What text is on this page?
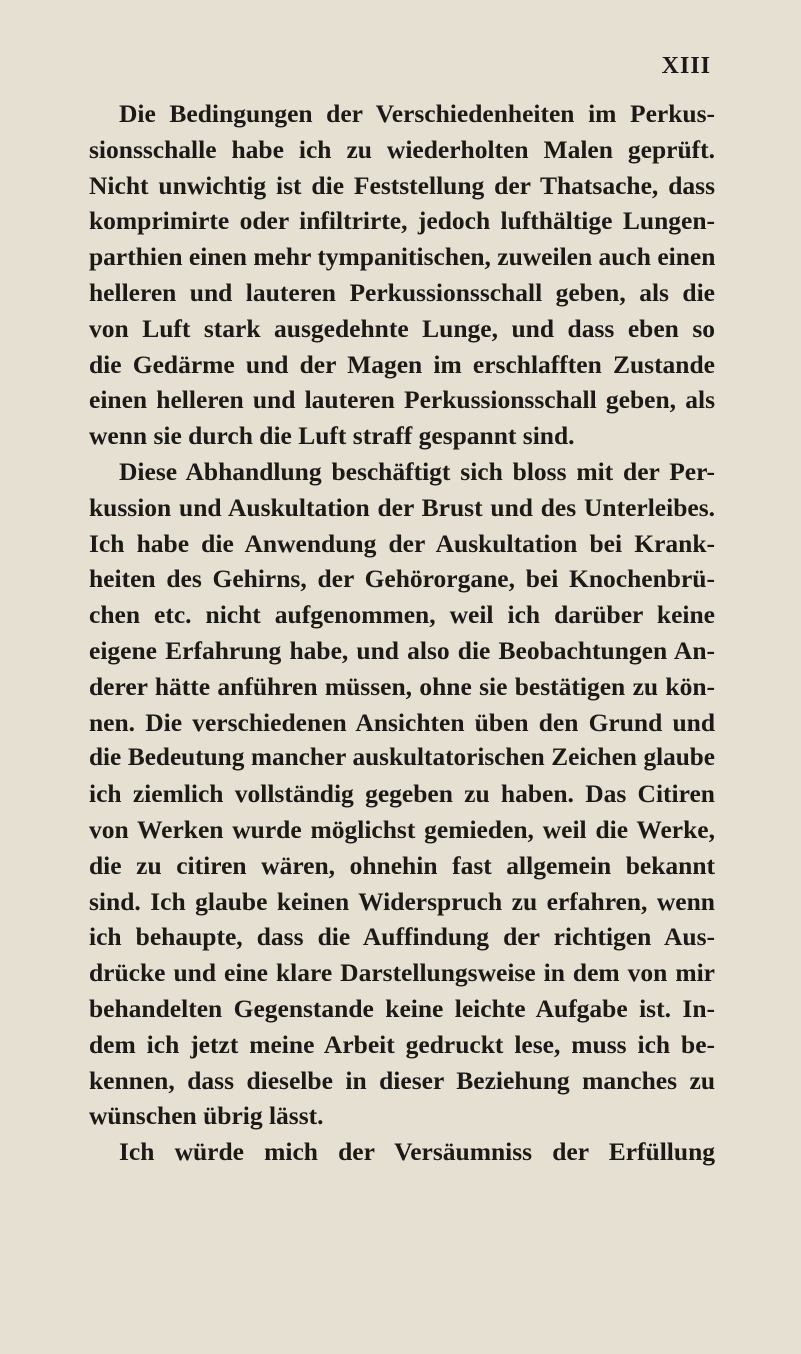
XIII
Die Bedingungen der Verschiedenheiten im Perkus-
sionsschalle habe ich zu wiederholten Malen geprüft.
Nicht unwichtig ist die Feststellung der Thatsache, dass
komprimirte oder infiltrirte, jedoch lufthältige Lungen-
parthien einen mehr tympanitischen, zuweilen auch einen
helleren und lauteren Perkussionsschall geben, als die
von Luft stark ausgedehnte Lunge, und dass eben so
die Gedärme und der Magen im erschlafften Zustande
einen helleren und lauteren Perkussionsschall geben, als
wenn sie durch die Luft straff gespannt sind.
Diese Abhandlung beschäftigt sich bloss mit der Per-
kussion und Auskultation der Brust und des Unterleibes.
Ich habe die Anwendung der Auskultation bei Krank-
heiten des Gehirns, der Gehörorgane, bei Knochenbrü-
chen etc. nicht aufgenommen, weil ich darüber keine
eigene Erfahrung habe, und also die Beobachtungen An-
derer hätte anführen müssen, ohne sie bestätigen zu kön-
nen. Die verschiedenen Ansichten üben den Grund und
die Bedeutung mancher auskultatorischen Zeichen glaube
ich ziemlich vollständig gegeben zu haben. Das Citiren
von Werken wurde möglichst gemieden, weil die Werke,
die zu citiren wären, ohnehin fast allgemein bekannt
sind. Ich glaube keinen Widerspruch zu erfahren, wenn
ich behaupte, dass die Auffindung der richtigen Aus-
drücke und eine klare Darstellungsweise in dem von mir
behandelten Gegenstande keine leichte Aufgabe ist. In-
dem ich jetzt meine Arbeit gedruckt lese, muss ich be-
kennen, dass dieselbe in dieser Beziehung manches zu
wünschen übrig lässt.
Ich würde mich der Versäumniss der Erfüllung
